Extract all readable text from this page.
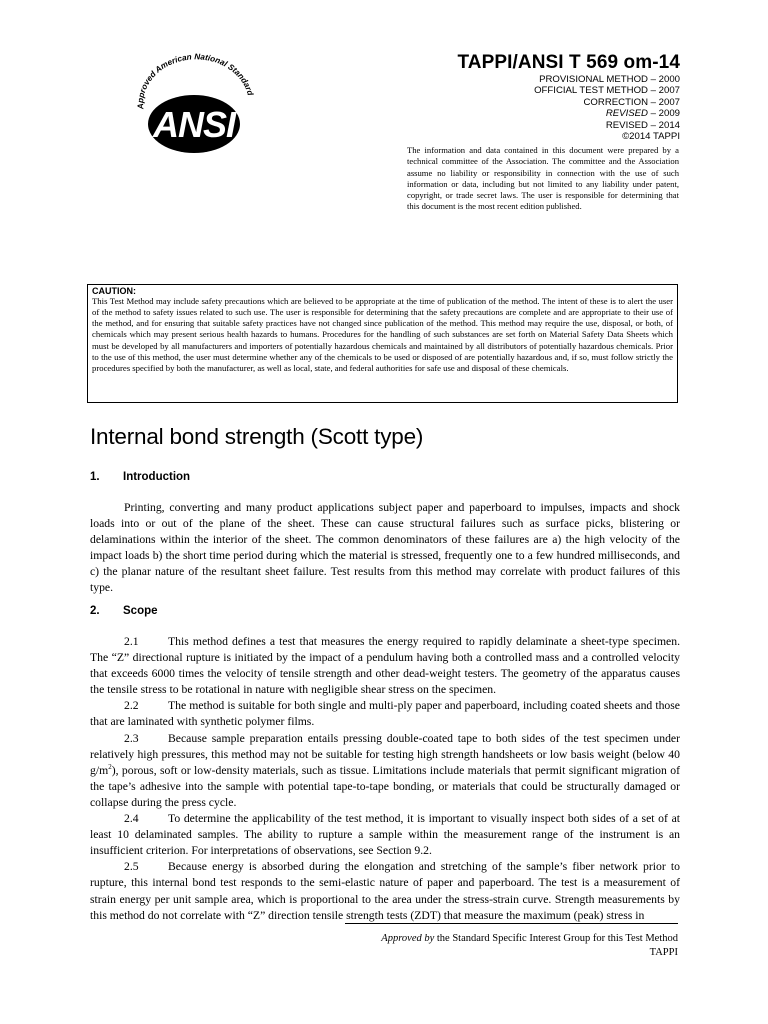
Approved American National Standard
ANSI
TAPPI/ANSI T 569 om-14
PROVISIONAL METHOD – 2000
OFFICIAL TEST METHOD – 2007
CORRECTION – 2007
REVISED – 2009
REVISED – 2014
©2014 TAPPI
The information and data contained in this document were prepared by a technical committee of the Association. The committee and the Association assume no liability or responsibility in connection with the use of such information or data, including but not limited to any liability under patent, copyright, or trade secret laws. The user is responsible for determining that this document is the most recent edition published.
CAUTION:
This Test Method may include safety precautions which are believed to be appropriate at the time of publication of the method. The intent of these is to alert the user of the method to safety issues related to such use. The user is responsible for determining that the safety precautions are complete and are appropriate to their use of the method, and for ensuring that suitable safety practices have not changed since publication of the method. This method may require the use, disposal, or both, of chemicals which may present serious health hazards to humans. Procedures for the handling of such substances are set forth on Material Safety Data Sheets which must be developed by all manufacturers and importers of potentially hazardous chemicals and maintained by all distributors of potentially hazardous chemicals. Prior to the use of this method, the user must determine whether any of the chemicals to be used or disposed of are potentially hazardous and, if so, must follow strictly the procedures specified by both the manufacturer, as well as local, state, and federal authorities for safe use and disposal of these chemicals.
Internal bond strength (Scott type)
1. Introduction

Printing, converting and many product applications subject paper and paperboard to impulses, impacts and shock loads into or out of the plane of the sheet. These can cause structural failures such as surface picks, blistering or delaminations within the interior of the sheet. The common denominators of these failures are a) the high velocity of the impact loads b) the short time period during which the material is stressed, frequently one to a few hundred milliseconds, and c) the planar nature of the resultant sheet failure. Test results from this method may correlate with product failures of this type.

2. Scope

2.1	This method defines a test that measures the energy required to rapidly delaminate a sheet-type specimen. The “Z” directional rupture is initiated by the impact of a pendulum having both a controlled mass and a controlled velocity that exceeds 6000 times the velocity of tensile strength and other dead-weight testers. The geometry of the apparatus causes the tensile stress to be rotational in nature with negligible shear stress on the specimen.

2.2	The method is suitable for both single and multi-ply paper and paperboard, including coated sheets and those that are laminated with synthetic polymer films.

2.3	Because sample preparation entails pressing double-coated tape to both sides of the test specimen under relatively high pressures, this method may not be suitable for testing high strength handsheets or low basis weight (below 40 $g/m^2$), porous, soft or low-density materials, such as tissue. Limitations include materials that permit significant migration of the tape’s adhesive into the sample with potential tape-to-tape bonding, or materials that could be structurally damaged or collapse during the press cycle.

2.4	To determine the applicability of the test method, it is important to visually inspect both sides of a set of at least 10 delaminated samples. The ability to rupture a sample within the measurement range of the instrument is an insufficient criterion. For interpretations of observations, see Section 9.2.

2.5	Because energy is absorbed during the elongation and stretching of the sample’s fiber network prior to rupture, this internal bond test responds to the semi-elastic nature of paper and paperboard. The test is a measurement of strain energy per unit sample area, which is proportional to the area under the stress-strain curve. Strength measurements by this method do not correlate with “Z” direction tensile strength tests (ZDT) that measure the maximum (peak) stress in

Approved by the Standard Specific Interest Group for this Test Method
TAPPI
